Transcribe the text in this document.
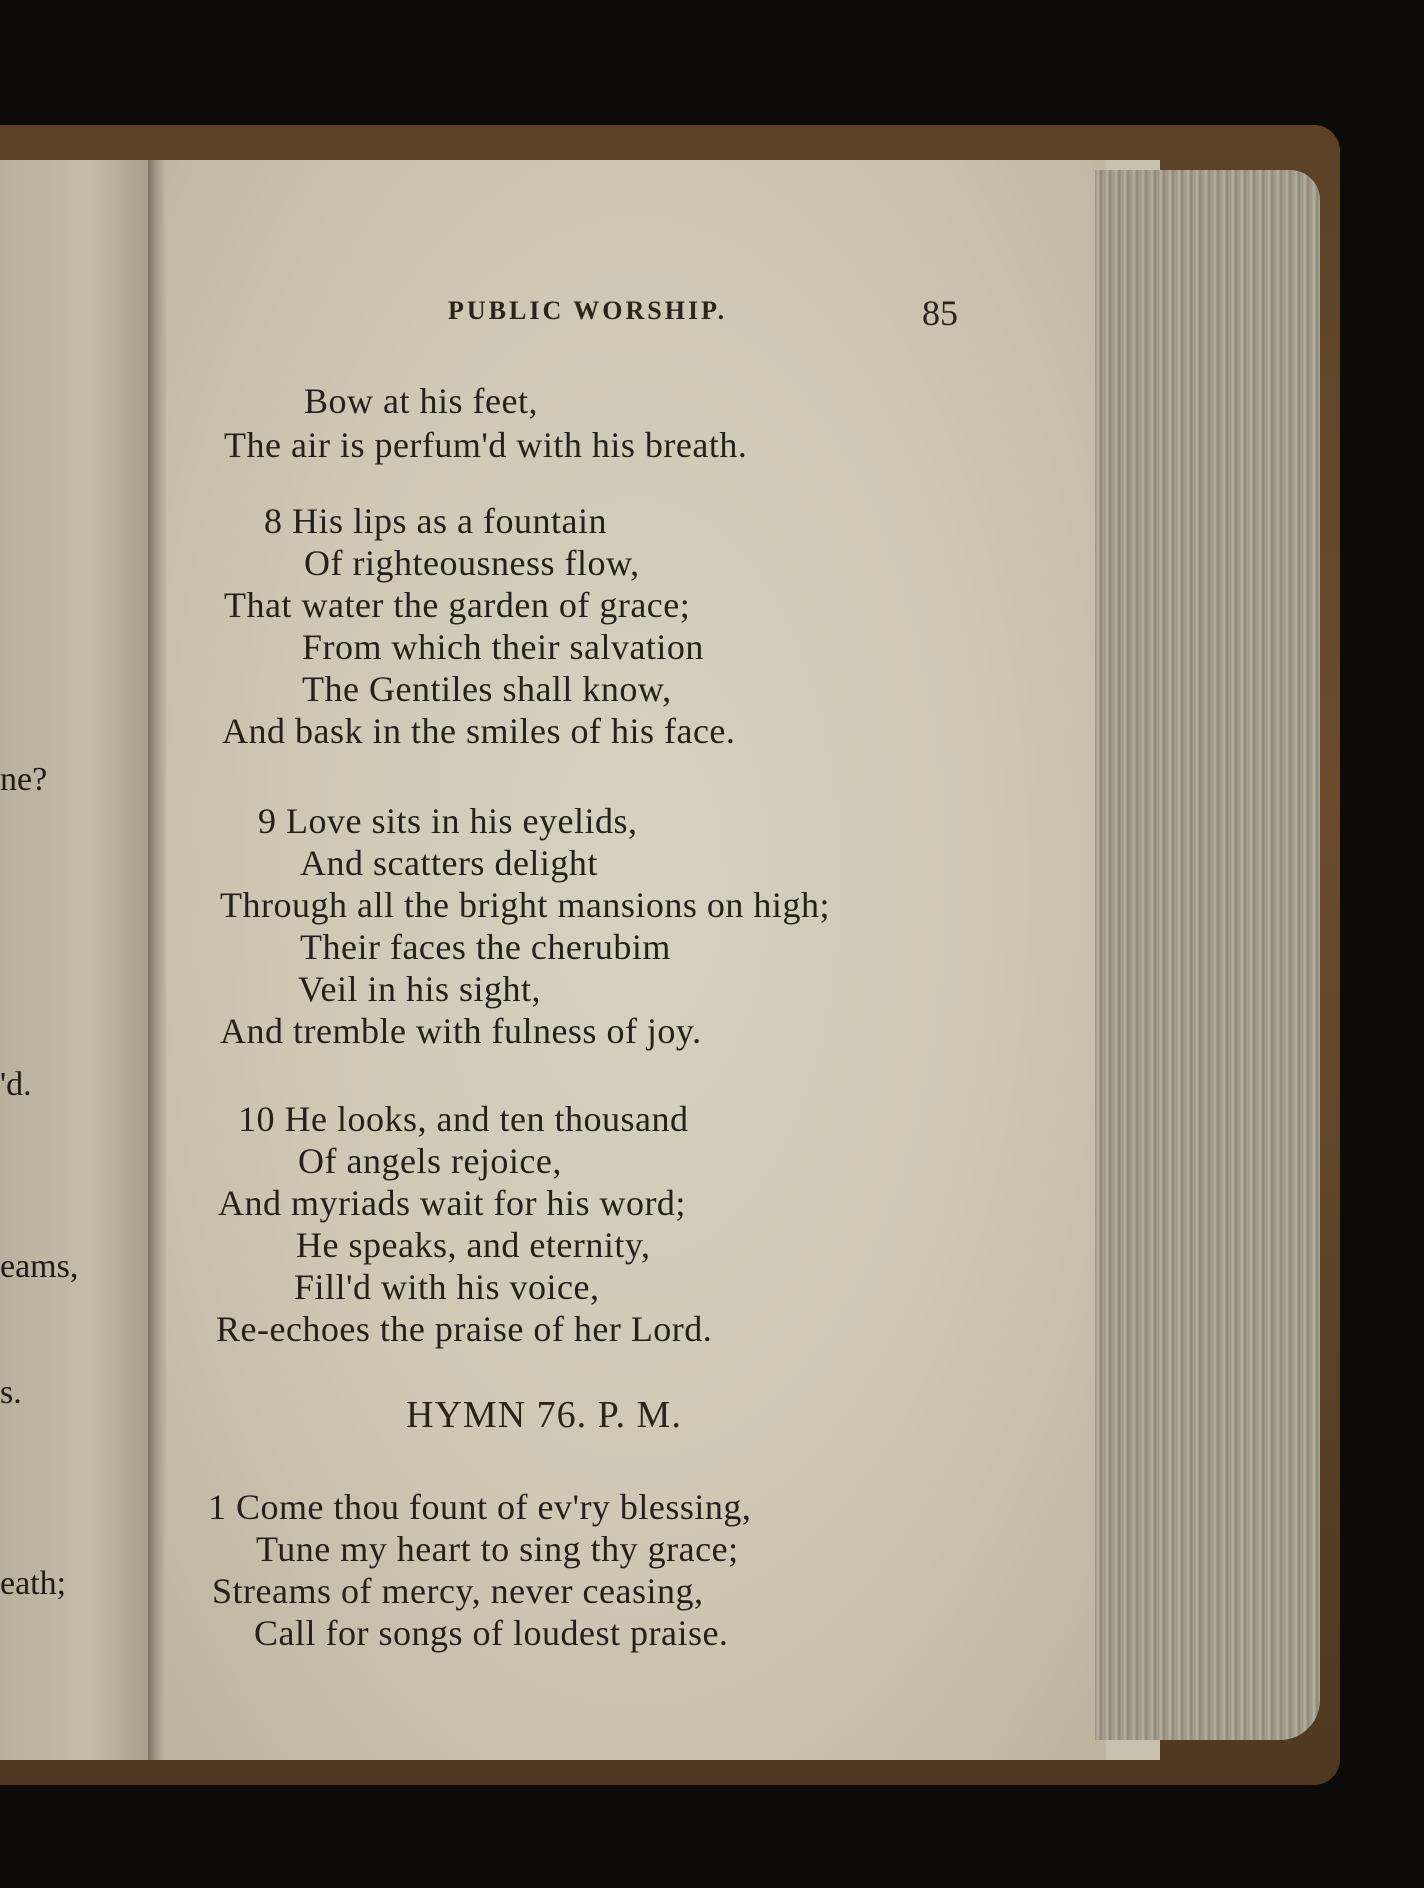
ne?
'd.
eams,
s.
eath;
PUBLIC WORSHIP.	85
Bow at his feet,
The air is perfum'd with his breath.
8 His lips as a fountain
Of righteousness flow,
That water the garden of grace;
From which their salvation
The Gentiles shall know,
And bask in the smiles of his face.
9 Love sits in his eyelids,
And scatters delight
Through all the bright mansions on high;
Their faces the cherubim
Veil in his sight,
And tremble with fulness of joy.
10 He looks, and ten thousand
Of angels rejoice,
And myriads wait for his word;
He speaks, and eternity,
Fill'd with his voice,
Re-echoes the praise of her Lord.
HYMN 76. P. M.
1 Come thou fount of ev'ry blessing,
Tune my heart to sing thy grace;
Streams of mercy, never ceasing,
Call for songs of loudest praise.
